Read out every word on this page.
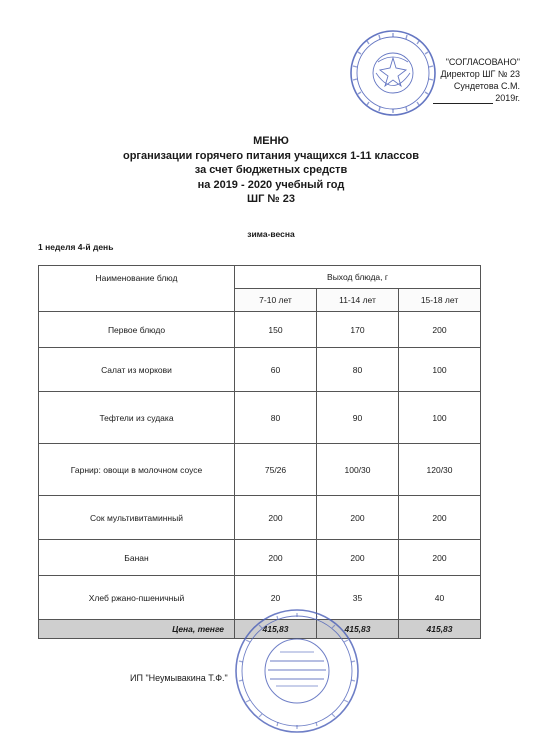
"СОГЛАСОВАНО"
Директор ШГ № 23
Сундетова С.М.
2019г.
МЕНЮ
организации горячего питания учащихся 1-11 классов
за счет бюджетных средств
на 2019 - 2020 учебный год
ШГ № 23
зима-весна
1 неделя 4-й день
Наименование блюд	Выход блюда, г		
	7-10 лет	11-14 лет	15-18 лет
Первое блюдо	150	170	200
Салат из моркови	60	80	100
Тефтели из судака	80	90	100
Гарнир: овощи в молочном соусе	75/26	100/30	120/30
Сок мультивитаминный	200	200	200
Банан	200	200	200
Хлеб ржано-пшеничный	20	35	40
Цена, тенге	415,83	415,83	415,83
ИП "Неумывакина Т.Ф."
